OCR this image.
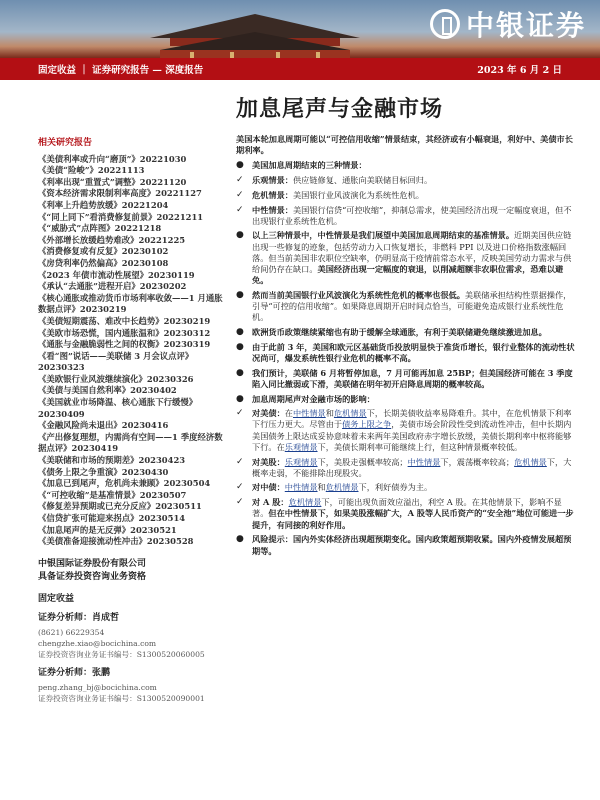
中银证券
固定收益 ｜ 证券研究报告 — 深度报告	2023 年 6 月 2 日
加息尾声与金融市场
相关研究报告
《美债利率或升向“磨顶”》20221030
《美债“险峻”》20221113
《利率出现“重置式”调整》20221120
《资本经济需求限制利率高度》20221127
《利率上升趋势放缓》20221204
《“同上同下”看消费修复前景》20221211
《“威胁式”点阵图》20221218
《外部增长放缓趋势难改》20221225
《消费修复或有反复》20230102
《房贷利率仍然偏高》20230108
《2023 年债市流动性展望》20230119
《承认“去通胀”进程开启》20230202
《核心通胀或推动货币市场利率收敛——1 月通胀数据点评》20230219
《美债短期震荡、难改中长趋势》20230219
《美欧市场恐慌，国内通胀温和》20230312
《通胀与金融脆弱性之间的权衡》20230319
《看“图”说话——美联储 3 月会议点评》20230323
《美欧银行业风波继续演化》20230326
《美债与美国自然利率》20230402
《美国就业市场降温、核心通胀下行缓慢》20230409
《金融风险尚未退出》20230416
《产出修复理想，内需尚有空间——1 季度经济数据点评》20230419
《美联储和市场的预期差》20230423
《债务上限之争重演》20230430
《加息已到尾声，危机尚未兼顾》20230504
《“可控收缩”是基准情景》20230507
《修复差异预期或已充分反应》20230511
《信贷扩张可能迎来拐点》20230514
《加息尾声的是无反弹》20230521
《美债准备迎接流动性冲击》20230528
中银国际证券股份有限公司
具备证券投资咨询业务资格
固定收益
证券分析师：肖成哲
(8621) 66229354
chengzhe.xiao@bocichina.com
证券投资咨询业务证书编号：S1300520060005
证券分析师：张鹏
peng.zhang_bj@bocichina.com
证券投资咨询业务证书编号：S1300520090001
美国本轮加息周期可能以“可控信用收缩”情景结束，其经济或有小幅衰退，利好中、美债市长期利率。
● 美国加息周期结束的三种情景：
✓ 乐观情景：供应链修复、通胀向美联储目标回归。
✓ 危机情景：美国银行业风波演化为系统性危机。
✓ 中性情景：美国银行信贷“可控收缩”，抑制总需求，使美国经济出现一定幅度衰退，但不出现银行业系统性危机。
● 以上三种情景中，中性情景是我们展望中美国加息周期结束的基准情景。近期美国供应链出现一些修复的迹象，包括劳动力入口恢复增长，非燃料 PPI 以及进口价格指数涨幅回落。但当前美国非农职位空缺率，仍明显高于疫情前常态水平，反映美国劳动力需求与供给间仍存在缺口。美国经济出现一定幅度的衰退，以削减超额非农职位需求，恐难以避免。
● 然而当前美国银行业风波演化为系统性危机的概率也很低。美联储承担结构性票据操作，引导“可控的信用收缩”。如果降息周期开启时间点恰当，可能避免造成银行业系统性危机。
● 欧洲货币政策继续紧缩也有助于缓解全球通胀，有利于美联储避免继续激进加息。
● 由于此前 3 年，美国和欧元区基础货币投放明显快于准货币增长，银行业整体的流动性状况尚可，爆发系统性银行业危机的概率不高。
● 我们预计，美联储 6 月将暂停加息，7 月可能再加息 25BP；但美国经济可能在 3 季度陷入同比撤弱或下滑，美联储在明年初开启降息周期的概率较高。
● 加息周期尾声对金融市场的影响：
✓ 对美债：在中性情景和危机情景下，长期美债收益率易降难升。其中，在危机情景下利率下行压力更大。尽管由于债务上限之争，美债市场会阶段性受到流动性冲击，但中长期内美国债务上限达成妥协意味着未来两年美国政府赤字增长放缓，美债长期利率中枢将能够下行。在乐观情景下，美债长期利率可能继续上行，但这种情景概率较低。
✓ 对美股：乐观情景下，美股走强概率较高；中性情景下，震荡概率较高；危机情景下，大概率走弱，不能排除出现股灾。
✓ 对中债：中性情景和危机情景下，利好债券为主。
✓ 对 A 股：危机情景下，可能出现负面效应溢出，利空 A 股。在其他情景下，影响不显著。但在中性情景下，如果美股涨幅扩大，A 股等人民币资产的“安全池”地位可能进一步提升，有同接的利好作用。
● 风险提示：国内外实体经济出现超预期变化。国内政策超预期收紧。国内外疫情发展超预期等。
